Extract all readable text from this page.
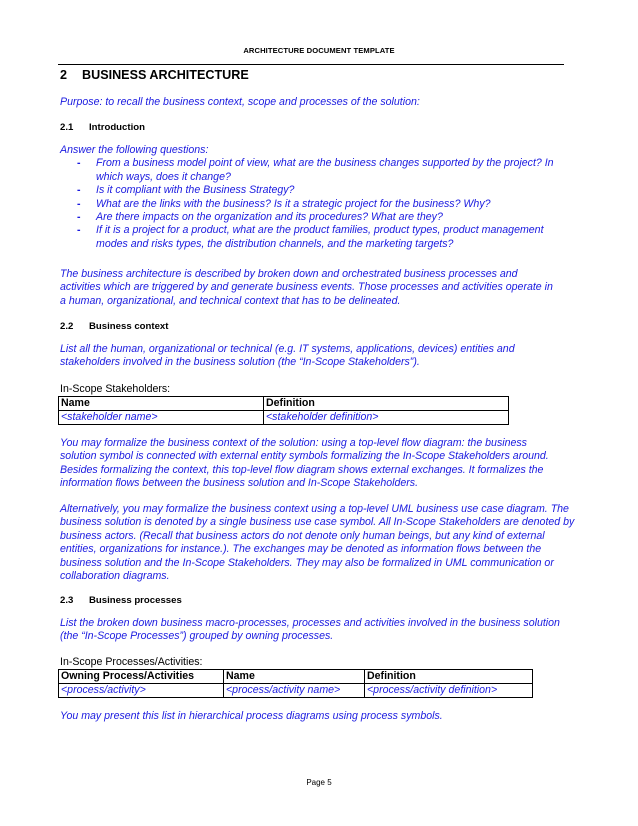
ARCHITECTURE DOCUMENT TEMPLATE
2 BUSINESS ARCHITECTURE
Purpose: to recall the business context, scope and processes of the solution:
2.1 Introduction
Answer the following questions:
- From a business model point of view, what are the business changes supported by the project? In which ways, does it change?
- Is it compliant with the Business Strategy?
- What are the links with the business? Is it a strategic project for the business? Why?
- Are there impacts on the organization and its procedures? What are they?
- If it is a project for a product, what are the product families, product types, product management modes and risks types, the distribution channels, and the marketing targets?
The business architecture is described by broken down and orchestrated business processes and activities which are triggered by and generate business events. Those processes and activities operate in a human, organizational, and technical context that has to be delineated.
2.2 Business context
List all the human, organizational or technical (e.g. IT systems, applications, devices) entities and stakeholders involved in the business solution (the “In-Scope Stakeholders”).
In-Scope Stakeholders:
Name	Definition
<stakeholder name>	<stakeholder definition>
You may formalize the business context of the solution: using a top-level flow diagram: the business solution symbol is connected with external entity symbols formalizing the In-Scope Stakeholders around. Besides formalizing the context, this top-level flow diagram shows external exchanges. It formalizes the information flows between the business solution and In-Scope Stakeholders.
Alternatively, you may formalize the business context using a top-level UML business use case diagram. The business solution is denoted by a single business use case symbol. All In-Scope Stakeholders are denoted by business actors. (Recall that business actors do not denote only human beings, but any kind of external entities, organizations for instance.). The exchanges may be denoted as information flows between the business solution and the In-Scope Stakeholders. They may also be formalized in UML communication or collaboration diagrams.
2.3 Business processes
List the broken down business macro-processes, processes and activities involved in the business solution (the “In-Scope Processes”) grouped by owning processes.
In-Scope Processes/Activities:
Owning Process/Activities	Name	Definition
<process/activity>	<process/activity name>	<process/activity definition>
You may present this list in hierarchical process diagrams using process symbols.
Page 5
